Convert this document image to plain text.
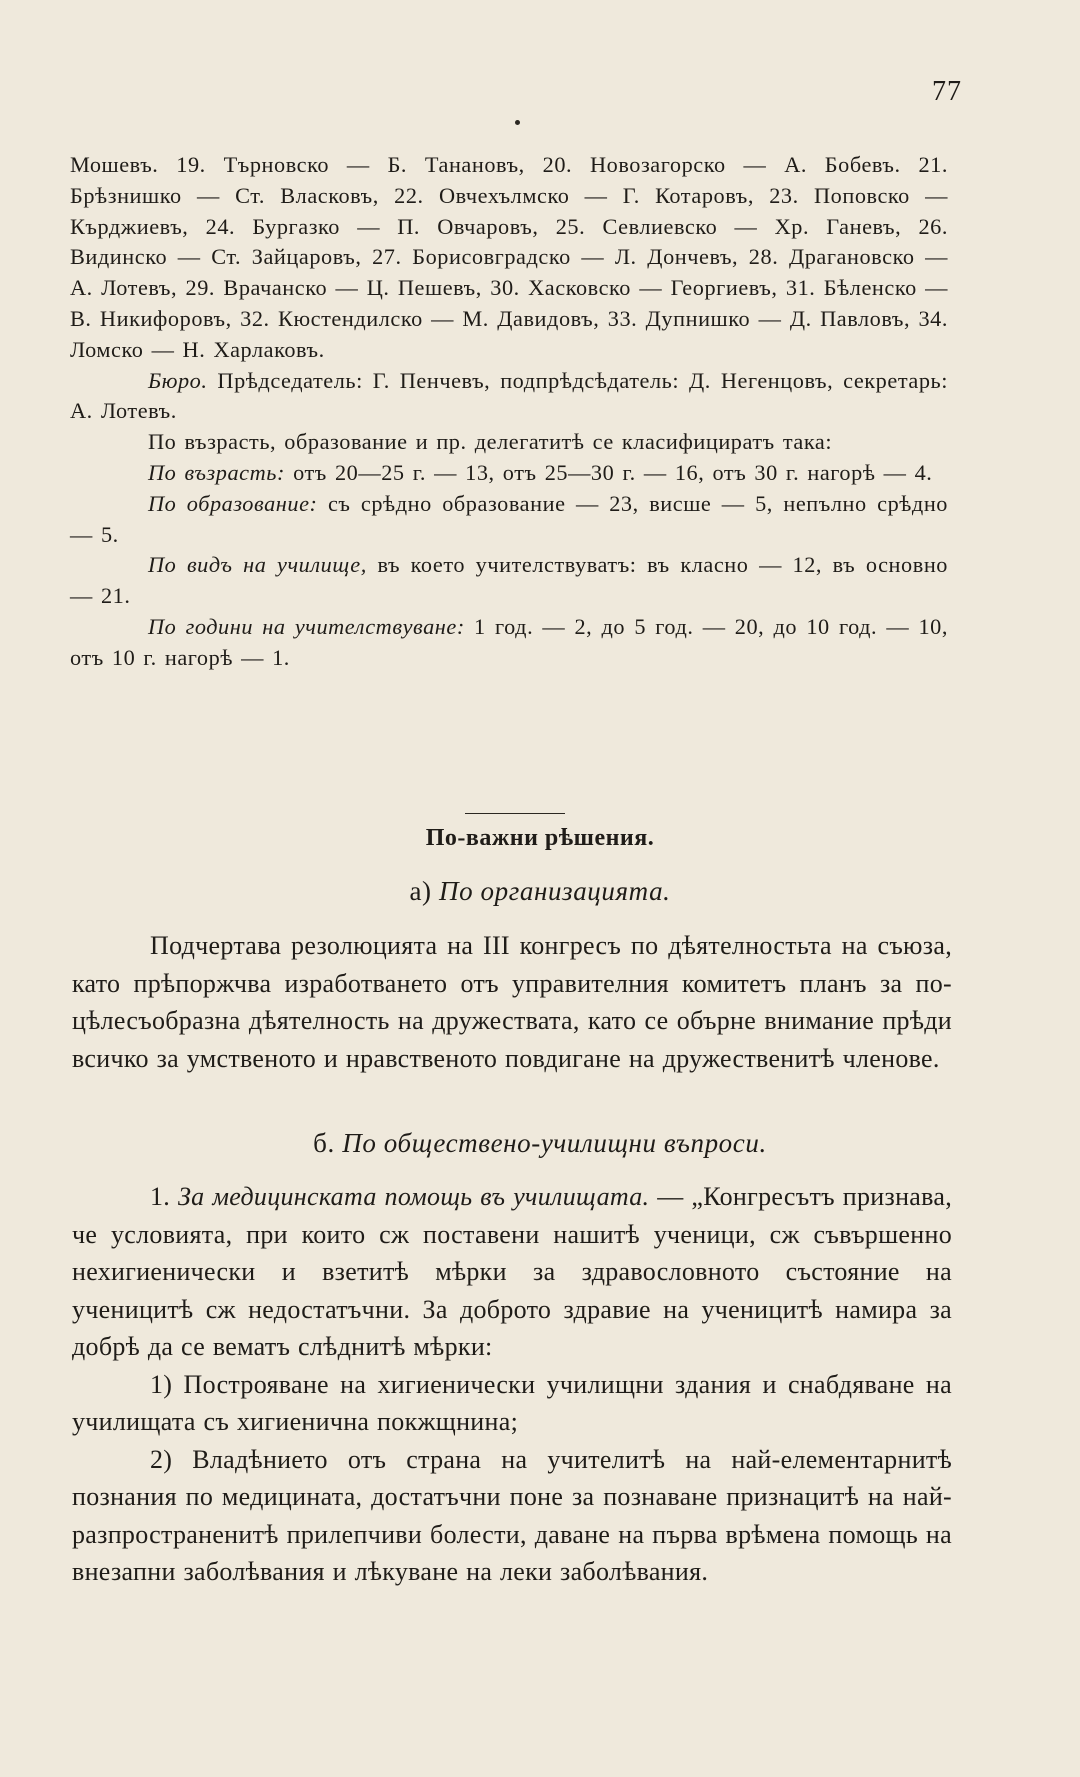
77

Мошевъ. 19. Търновско — Б. Танановъ, 20. Новозагорско — А. Бобевъ. 21. Брѣзнишко — Ст. Власковъ, 22. Овчехълмско — Г. Котаровъ, 23. Поповско — Кърджиевъ, 24. Бургазко — П. Овчаровъ, 25. Севлиевско — Хр. Ганевъ, 26. Видинско — Ст. Зайцаровъ, 27. Борисовградско — Л. Дончевъ, 28. Драгановско — А. Лотевъ, 29. Врачанско — Ц. Пешевъ, 30. Хасковско — Георгиевъ, 31. Бѣленско — В. Никифоровъ, 32. Кюстендилско — М. Давидовъ, 33. Дупнишко — Д. Павловъ, 34. Ломско — Н. Харлаковъ.

Бюро. Прѣдседатель: Г. Пенчевъ, подпрѣдсѣдатель: Д. Негенцовъ, секретарь: А. Лотевъ.

По възрасть, образование и пр. делегатитѣ се класифициратъ така:

По възрасть: отъ 20—25 г. — 13, отъ 25—30 г. — 16, отъ 30 г. нагорѣ — 4.

По образование: съ срѣдно образование — 23, висше — 5, непълно срѣдно — 5.

По видъ на училище, въ което учителствуватъ: въ класно — 12, въ основно — 21.

По години на учителствуване: 1 год. — 2, до 5 год. — 20, до 10 год. — 10, отъ 10 г. нагорѣ — 1.

По-важни рѣшения.
а) По организацията.

Подчертава резолюцията на III конгресъ по дѣятелностьта на съюза, като прѣпоржчва изработването отъ управителния комитетъ планъ за по-цѣлесъобразна дѣятелность на дружествата, като се обърне внимание прѣди всичко за умственото и нравственото повдигане на дружественитѣ членове.

б. По обществено-училищни въпроси.

1. За медицинската помощь въ училищата. — „Конгресътъ признава, че условията, при които сж поставени нашитѣ ученици, сж съвършенно нехигиенически и взетитѣ мѣрки за здравословното състояние на ученицитѣ сж недостатъчни. За доброто здравие на ученицитѣ намира за добрѣ да се вематъ слѣднитѣ мѣрки:

1) Построяване на хигиенически училищни здания и снабдяване на училищата съ хигиенична покжщнина;

2) Владѣнието отъ страна на учителитѣ на най-елементарнитѣ познания по медицината, достатъчни поне за познаване признацитѣ на най-разпространенитѣ прилепчиви болести, даване на първа врѣмена помощь на внезапни заболѣвания и лѣкуване на леки заболѣвания.
